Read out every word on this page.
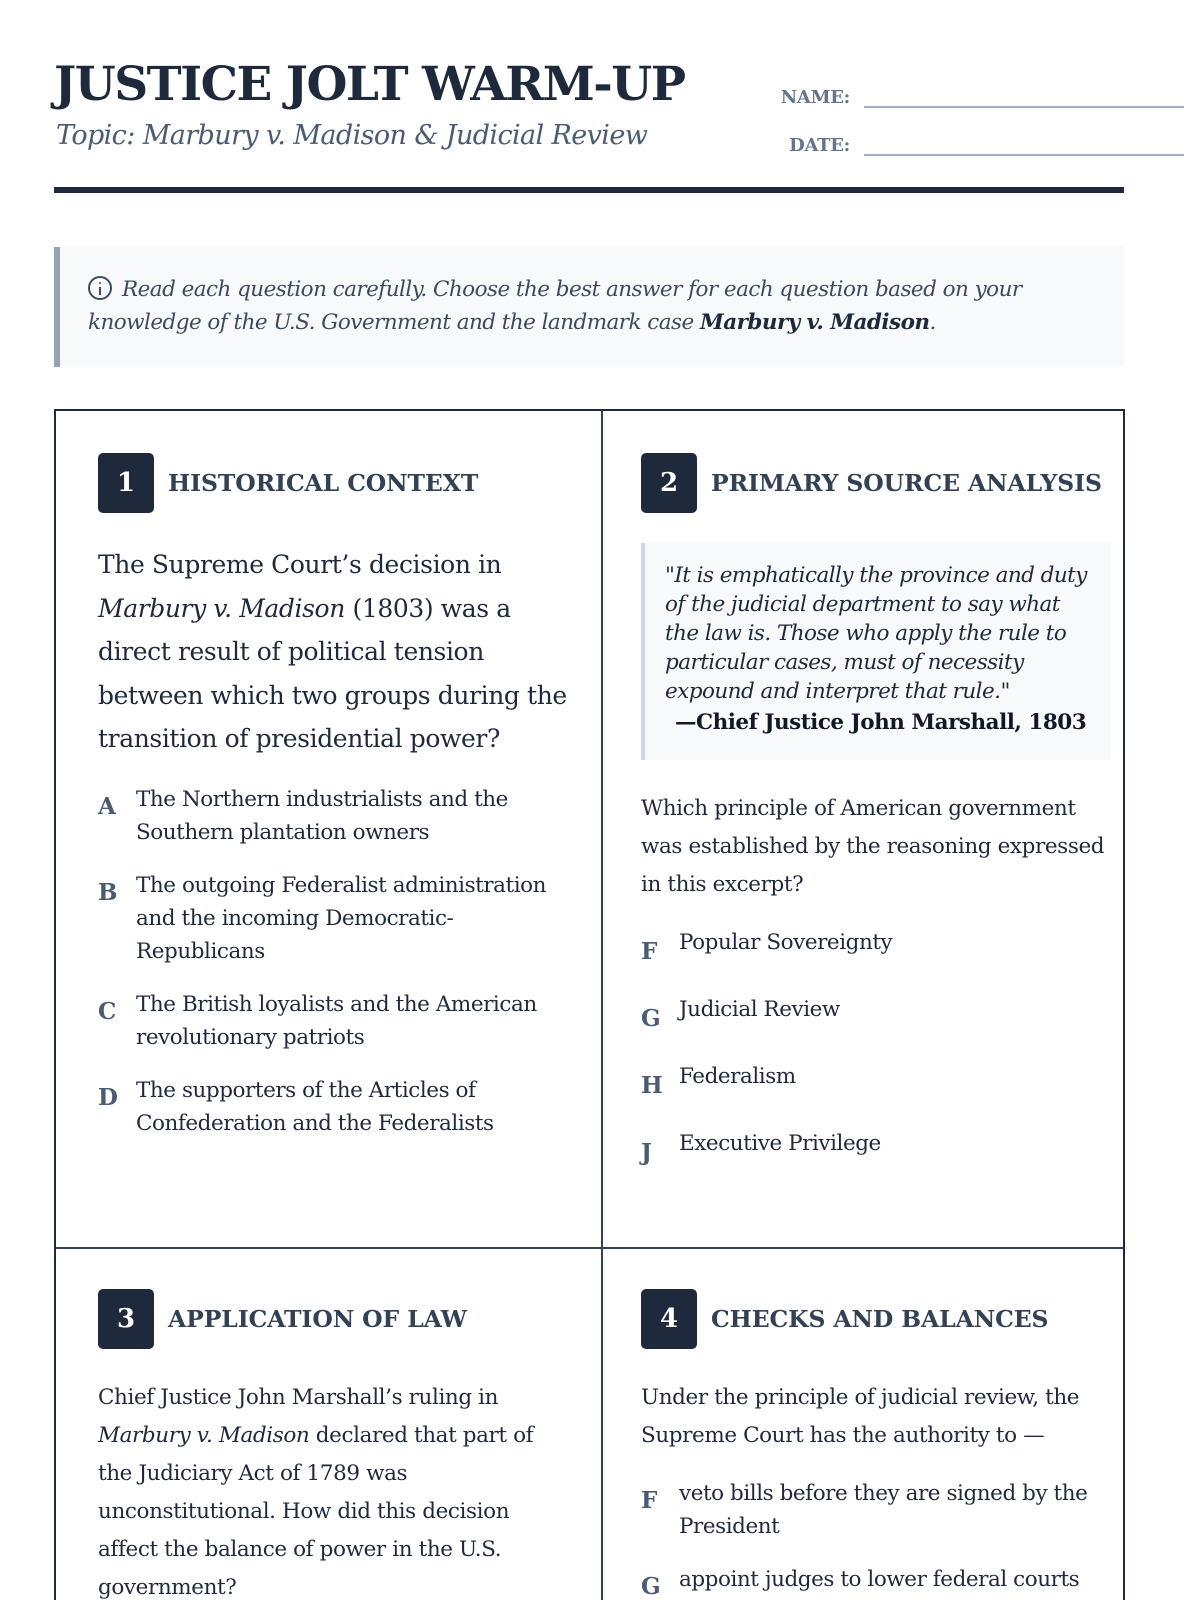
JUSTICE JOLT WARM-UP
Topic: Marbury v. Madison & Judicial Review
NAME:
DATE:
Read each question carefully. Choose the best answer for each question based on your knowledge of the U.S. Government and the landmark case Marbury v. Madison.
1	HISTORICAL CONTEXT
The Supreme Court’s decision in Marbury v. Madison (1803) was a direct result of political tension between which two groups during the transition of presidential power?
A The Northern industrialists and the Southern plantation owners
B The outgoing Federalist administration and the incoming Democratic-Republicans
C The British loyalists and the American revolutionary patriots
D The supporters of the Articles of Confederation and the Federalists
2	PRIMARY SOURCE ANALYSIS
"It is emphatically the province and duty of the judicial department to say what the law is. Those who apply the rule to particular cases, must of necessity expound and interpret that rule."
—Chief Justice John Marshall, 1803
Which principle of American government was established by the reasoning expressed in this excerpt?
F	Popular Sovereignty
G Judicial Review
H Federalism
J	Executive Privilege
3	APPLICATION OF LAW
Chief Justice John Marshall’s ruling in Marbury v. Madison declared that part of the Judiciary Act of 1789 was unconstitutional. How did this decision affect the balance of power in the U.S. government?
4	CHECKS AND BALANCES
Under the principle of judicial review, the Supreme Court has the authority to —
F	veto bills before they are signed by the President
G appoint judges to lower federal courts
